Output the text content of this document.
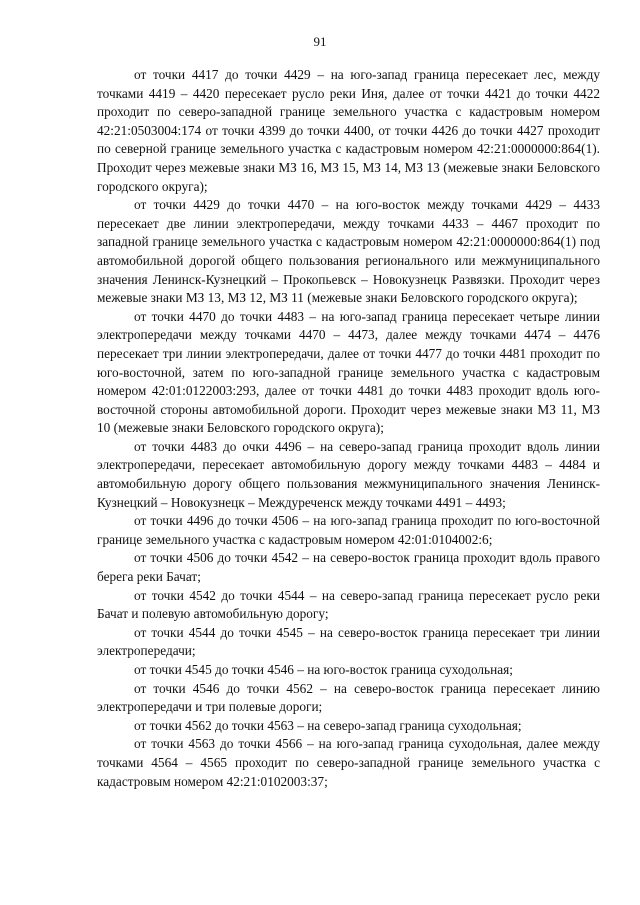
91

от точки 4417 до точки 4429 – на юго-запад граница пересекает лес, между точками 4419 – 4420 пересекает русло реки Иня, далее от точки 4421 до точки 4422 проходит по северо-западной границе земельного участка с кадастровым номером 42:21:0503004:174 от точки 4399 до точки 4400, от точки 4426 до точки 4427 проходит по северной границе земельного участка с кадастровым номером 42:21:0000000:864(1). Проходит через межевые знаки МЗ 16, МЗ 15, МЗ 14, МЗ 13 (межевые знаки Беловского городского округа);

от точки 4429 до точки 4470 – на юго-восток между точками 4429 – 4433 пересекает две линии электропередачи, между точками 4433 – 4467 проходит по западной границе земельного участка с кадастровым номером 42:21:0000000:864(1) под автомобильной дорогой общего пользования регионального или межмуниципального значения Ленинск-Кузнецкий – Прокопьевск – Новокузнецк Развязки. Проходит через межевые знаки МЗ 13, МЗ 12, МЗ 11 (межевые знаки Беловского городского округа);

от точки 4470 до точки 4483 – на юго-запад граница пересекает четыре линии электропередачи между точками 4470 – 4473, далее между точками 4474 – 4476 пересекает три линии электропередачи, далее от точки 4477 до точки 4481 проходит по юго-восточной, затем по юго-западной границе земельного участка с кадастровым номером 42:01:0122003:293, далее от точки 4481 до точки 4483 проходит вдоль юго-восточной стороны автомобильной дороги. Проходит через межевые знаки МЗ 11, МЗ 10 (межевые знаки Беловского городского округа);

от точки 4483 до очки 4496 – на северо-запад граница проходит вдоль линии электропередачи, пересекает автомобильную дорогу между точками 4483 – 4484 и автомобильную дорогу общего пользования межмуниципального значения Ленинск-Кузнецкий – Новокузнецк – Междуреченск между точками 4491 – 4493;

от точки 4496 до точки 4506 – на юго-запад граница проходит по юго-восточной границе земельного участка с кадастровым номером 42:01:0104002:6;

от точки 4506 до точки 4542 – на северо-восток граница проходит вдоль правого берега реки Бачат;

от точки 4542 до точки 4544 – на северо-запад граница пересекает русло реки Бачат и полевую автомобильную дорогу;

от точки 4544 до точки 4545 – на северо-восток граница пересекает три линии электропередачи;

от точки 4545 до точки 4546 – на юго-восток граница суходольная;

от точки 4546 до точки 4562 – на северо-восток граница пересекает линию электропередачи и три полевые дороги;

от точки 4562 до точки 4563 – на северо-запад граница суходольная;

от точки 4563 до точки 4566 – на юго-запад граница суходольная, далее между точками 4564 – 4565 проходит по северо-западной границе земельного участка с кадастровым номером 42:21:0102003:37;
